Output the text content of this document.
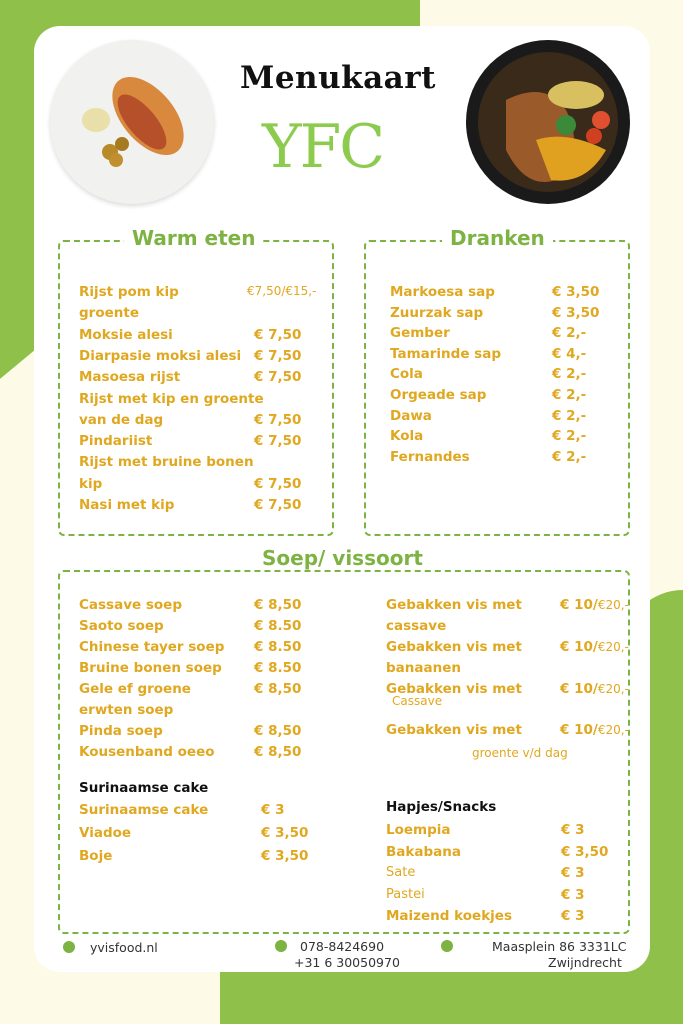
Menukaart
YFC
Warm eten	Dranken
Soep/ vissoort
Rijst pom kip	€7,50/€15,-
groente
Moksie alesi	€ 7,50
Diarpasie moksi alesi € 7,50
Masoesa rijst	€ 7,50
Rijst met kip en groente
van de dag	€ 7,50
Pindariist	€ 7,50
Rijst met bruine bonen
kip	€ 7,50
Nasi met kip	€ 7,50
Markoesa sap	€ 3,50
Zuurzak sap	€ 3,50
Gember	€ 2,-
Tamarinde sap	€ 4,-
Cola	€ 2,-
Orgeade sap	€ 2,-
Dawa	€ 2,-
Kola	€ 2,-
Fernandes	€ 2,-
Cassave soep	€ 8,50
Saoto soep	€ 8.50
Chinese tayer soep € 8.50
Bruine bonen soep € 8.50
Gele ef groene	€ 8,50
erwten soep
Pinda soep	€ 8,50
Kousenband oeeo	€ 8,50
Gebakken vis met	€ 10/€20,-
cassave
Gebakken vis met	€ 10/€20,-
banaanen
Gebakken vis met	€ 10/€20,-
Cassave
Gebakken vis met	€ 10/€20,-
groente v/d dag
Surinaamse cake
Surinaamse cake	€ 3
Viadoe	€ 3,50
Boje	€ 3,50
Hapjes/Snacks
Loempia	€ 3
Bakabana	€ 3,50
Sate	€ 3
Pastei	€ 3
Maizend koekjes	€ 3
yvisfood.nl	078-8424690
+31 6 30050970
Maasplein 86 3331LC
Zwijndrecht
